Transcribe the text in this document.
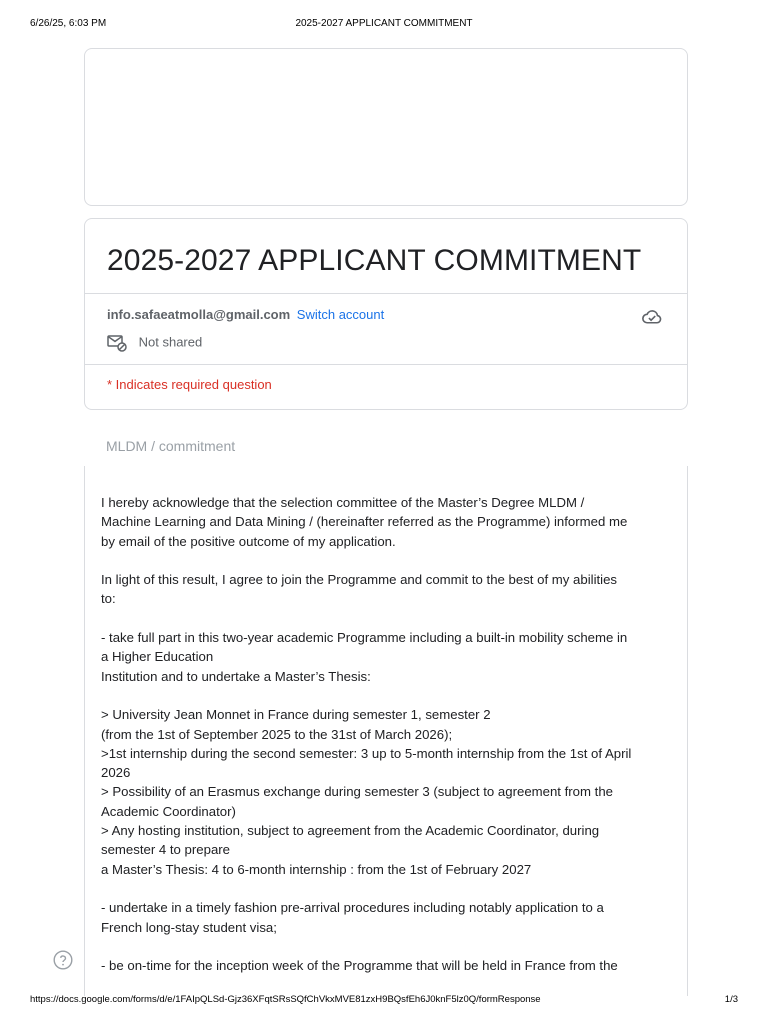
6/26/25, 6:03 PM	2025-2027 APPLICANT COMMITMENT
2025-2027 APPLICANT COMMITMENT
info.safaeatmolla@gmail.com Switch account
Not shared
* Indicates required question
MLDM / commitment

I hereby acknowledge that the selection committee of the Master’s Degree MLDM /
Machine Learning and Data Mining / (hereinafter referred as the Programme) informed me
by email of the positive outcome of my application.

In light of this result, I agree to join the Programme and commit to the best of my abilities
to:

- take full part in this two-year academic Programme including a built-in mobility scheme in
a Higher Education
Institution and to undertake a Master’s Thesis:

> University Jean Monnet in France during semester 1, semester 2
(from the 1st of September 2025 to the 31st of March 2026);
>1st internship during the second semester: 3 up to 5-month internship from the 1st of April
2026
> Possibility of an Erasmus exchange during semester 3 (subject to agreement from the
Academic Coordinator)
> Any hosting institution, subject to agreement from the Academic Coordinator, during
semester 4 to prepare
a Master’s Thesis: 4 to 6-month internship : from the 1st of February 2027

- undertake in a timely fashion pre-arrival procedures including notably application to a
French long-stay student visa;

- be on-time for the inception week of the Programme that will be held in France from the

https://docs.google.com/forms/d/e/1FAIpQLSd-Gjz36XFqtSRsSQfChVkxMVE81zxH9BQsfEh6J0knF5lz0Q/formResponse	1/3
